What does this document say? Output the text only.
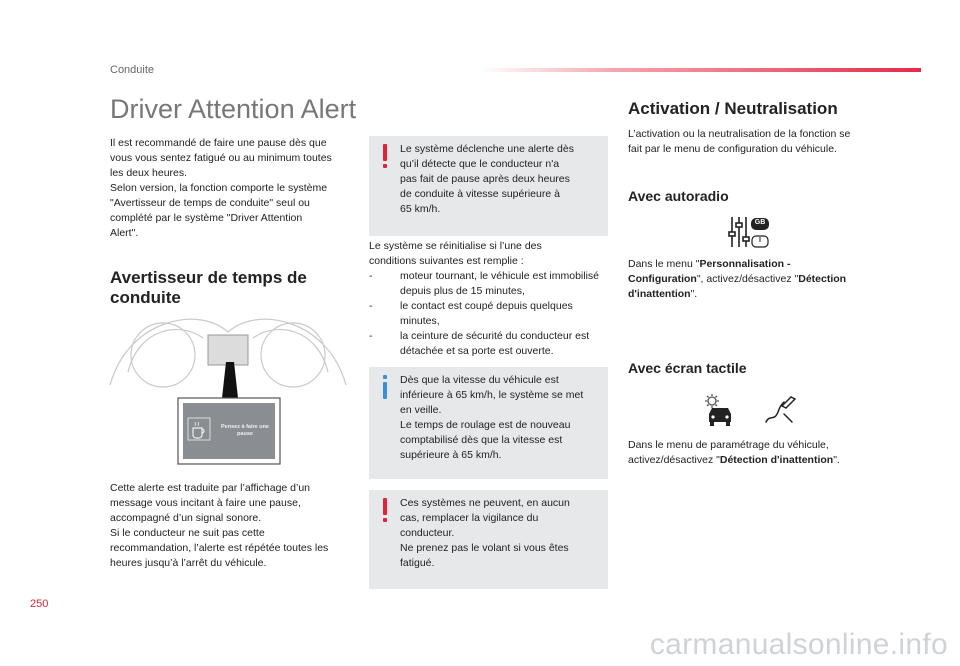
Conduite
Driver Attention Alert
Il est recommandé de faire une pause dès que
vous vous sentez fatigué ou au minimum toutes
les deux heures.
Selon version, la fonction comporte le système
"Avertisseur de temps de conduite" seul ou
complété par le système "Driver Attention
Alert".
Avertisseur de temps de
conduite
Pensez à faire une
pause
Cette alerte est traduite par l’affichage d’un
message vous incitant à faire une pause,
accompagné d’un signal sonore.
Si le conducteur ne suit pas cette
recommandation, l’alerte est répétée toutes les
heures jusqu’à l’arrêt du véhicule.
Le système déclenche une alerte dès
qu’il détecte que le conducteur n'a
pas fait de pause après deux heures
de conduite à vitesse supérieure à
65 km/h.
Le système se réinitialise si l’une des
conditions suivantes est remplie :
- moteur tournant, le véhicule est immobilisé
depuis plus de 15 minutes,
- le contact est coupé depuis quelques
minutes,
- la ceinture de sécurité du conducteur est
détachée et sa porte est ouverte.
Dès que la vitesse du véhicule est
inférieure à 65 km/h, le système se met
en veille.
Le temps de roulage est de nouveau
comptabilisé dès que la vitesse est
supérieure à 65 km/h.
Ces systèmes ne peuvent, en aucun
cas, remplacer la vigilance du
conducteur.
Ne prenez pas le volant si vous êtes
fatigué.
Activation / Neutralisation
L’activation ou la neutralisation de la fonction se
fait par le menu de configuration du véhicule.
Avec autoradio
GB
I
Dans le menu "Personnalisation -
Configuration", activez/désactivez "Détection
d'inattention".
Avec écran tactile
Dans le menu de paramétrage du véhicule,
activez/désactivez "Détection d'inattention".
250
carmanualsonline.info
